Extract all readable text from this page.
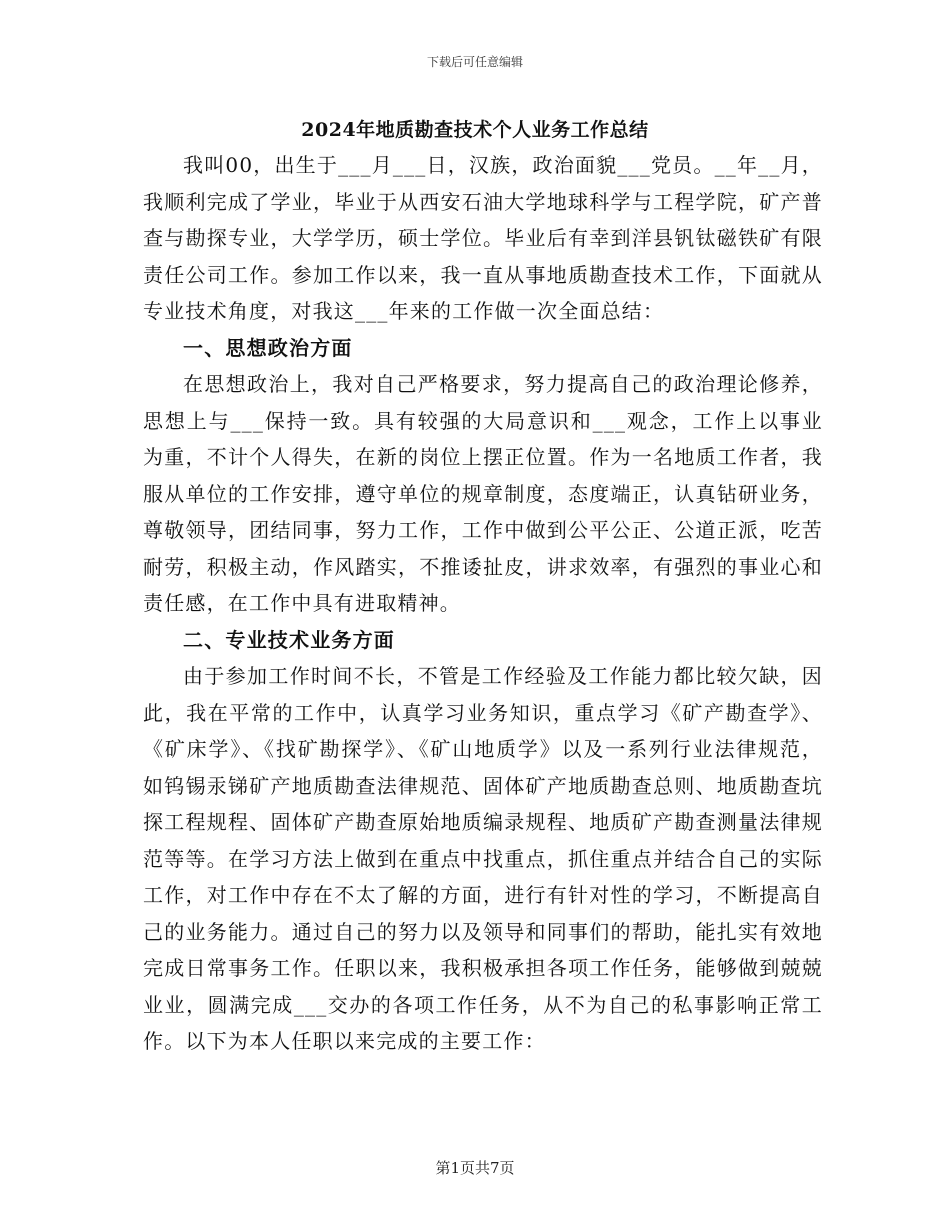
下载后可任意编辑
2024年地质勘查技术个人业务工作总结

我叫00，出生于___月___日，汉族，政治面貌___党员。__年__月，我顺利完成了学业，毕业于从西安石油大学地球科学与工程学院，矿产普查与勘探专业，大学学历，硕士学位。毕业后有幸到洋县钒钛磁铁矿有限责任公司工作。参加工作以来，我一直从事地质勘查技术工作，下面就从专业技术角度，对我这___年来的工作做一次全面总结：

一、思想政治方面

在思想政治上，我对自己严格要求，努力提高自己的政治理论修养，思想上与___保持一致。具有较强的大局意识和___观念，工作上以事业为重，不计个人得失，在新的岗位上摆正位置。作为一名地质工作者，我服从单位的工作安排，遵守单位的规章制度，态度端正，认真钻研业务，尊敬领导，团结同事，努力工作，工作中做到公平公正、公道正派，吃苦耐劳，积极主动，作风踏实，不推诿扯皮，讲求效率，有强烈的事业心和责任感，在工作中具有进取精神。

二、专业技术业务方面

由于参加工作时间不长，不管是工作经验及工作能力都比较欠缺，因此，我在平常的工作中，认真学习业务知识，重点学习《矿产勘查学》、《矿床学》、《找矿勘探学》、《矿山地质学》以及一系列行业法律规范，如钨锡汞锑矿产地质勘查法律规范、固体矿产地质勘查总则、地质勘查坑探工程规程、固体矿产勘查原始地质编录规程、地质矿产勘查测量法律规范等等。在学习方法上做到在重点中找重点，抓住重点并结合自己的实际工作，对工作中存在不太了解的方面，进行有针对性的学习，不断提高自己的业务能力。通过自己的努力以及领导和同事们的帮助，能扎实有效地完成日常事务工作。任职以来，我积极承担各项工作任务，能够做到兢兢业业，圆满完成___交办的各项工作任务，从不为自己的私事影响正常工作。以下为本人任职以来完成的主要工作：

第1页共7页
